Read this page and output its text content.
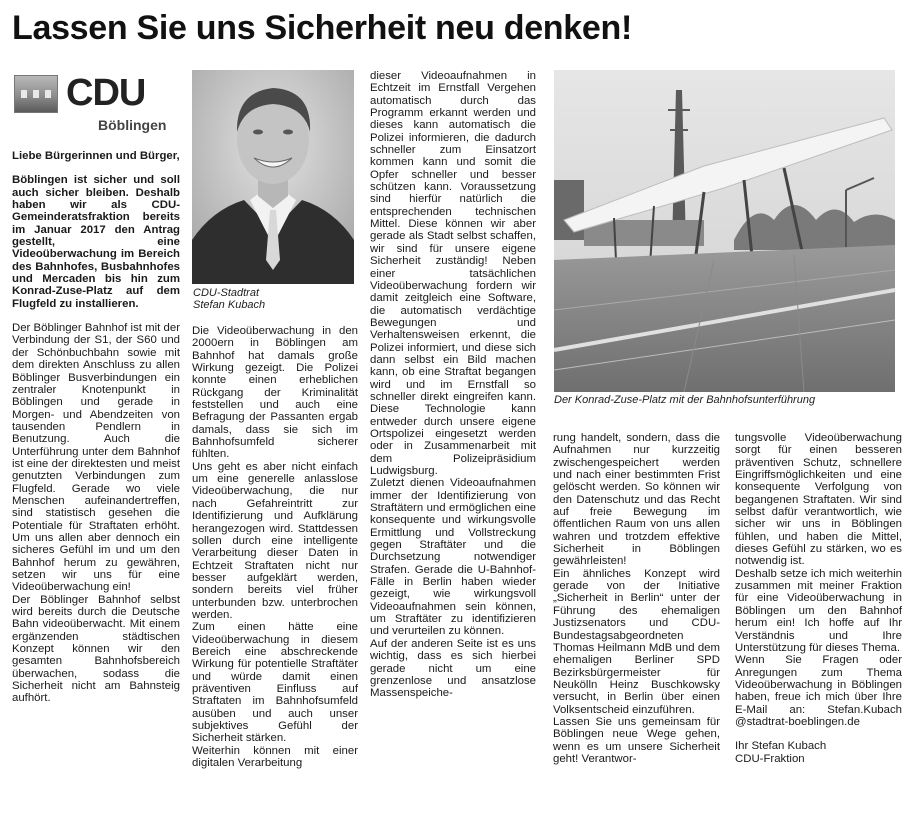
Lassen Sie uns Sicherheit neu denken!
CDU
Böblingen

Liebe Bürgerinnen und Bürger,

Böblingen ist sicher und soll auch sicher bleiben. Deshalb haben wir als CDU-Gemeinderatsfraktion bereits im Januar 2017 den Antrag gestellt, eine Videoüberwachung im Bereich des Bahnhofes, Busbahnhofes und Mercaden bis hin zum Konrad-Zuse-Platz auf dem Flugfeld zu installieren.

Der Böblinger Bahnhof ist mit der Verbindung der S1, der S60 und der Schönbuchbahn sowie mit dem direkten Anschluss zu allen Böblinger Busverbindungen ein zentraler Knotenpunkt in Böblingen und gerade in Morgen- und Abendzeiten von tausenden Pendlern in Benutzung. Auch die Unterführung unter dem Bahnhof ist eine der direktesten und meist genutzten Verbindungen zum Flugfeld. Gerade wo viele Menschen aufeinandertreffen, sind statistisch gesehen die Potentiale für Straftaten erhöht. Um uns allen aber dennoch ein sicheres Gefühl im und um den Bahnhof herum zu gewähren, setzen wir uns für eine Videoüberwachung ein!

Der Böblinger Bahnhof selbst wird bereits durch die Deutsche Bahn videoüberwacht. Mit einem ergänzenden städtischen Konzept können wir den gesamten Bahnhofsbereich überwachen, sodass die Sicherheit nicht am Bahnsteig aufhört.

CDU-Stadtrat
Stefan Kubach

Die Videoüberwachung in den 2000ern in Böblingen am Bahnhof hat damals große Wirkung gezeigt. Die Polizei konnte einen erheblichen Rückgang der Kriminalität feststellen und auch eine Befragung der Passanten ergab damals, dass sie sich im Bahnhofsumfeld sicherer fühlten.

Uns geht es aber nicht einfach um eine generelle anlasslose Videoüberwachung, die nur nach Gefahreintritt zur Identifizierung und Aufklärung herangezogen wird. Stattdessen sollen durch eine intelligente Verarbeitung dieser Daten in Echtzeit Straftaten nicht nur besser aufgeklärt werden, sondern bereits viel früher unterbunden bzw. unterbrochen werden.

Zum einen hätte eine Videoüberwachung in diesem Bereich eine abschreckende Wirkung für potentielle Straftäter und würde damit einen präventiven Einfluss auf Straftaten im Bahnhofsumfeld ausüben und auch unser subjektives Gefühl der Sicherheit stärken.

Weiterhin können mit einer digitalen Verarbeitung

dieser Videoaufnahmen in Echtzeit im Ernstfall Vergehen automatisch durch das Programm erkannt werden und dieses kann automatisch die Polizei informieren, die dadurch schneller zum Einsatzort kommen kann und somit die Opfer schneller und besser schützen kann. Voraussetzung sind hierfür natürlich die entsprechenden technischen Mittel. Diese können wir aber gerade als Stadt selbst schaffen, wir sind für unsere eigene Sicherheit zuständig! Neben einer tatsächlichen Videoüberwachung fordern wir damit zeitgleich eine Software, die automatisch verdächtige Bewegungen und Verhaltensweisen erkennt, die Polizei informiert, und diese sich dann selbst ein Bild machen kann, ob eine Straftat begangen wird und im Ernstfall so schneller direkt eingreifen kann. Diese Technologie kann entweder durch unsere eigene Ortspolizei eingesetzt werden oder in Zusammenarbeit mit dem Polizeipräsidium Ludwigsburg.

Zuletzt dienen Videoaufnahmen immer der Identifizierung von Straftätern und ermöglichen eine konsequente und wirkungsvolle Ermittlung und Vollstreckung gegen Straftäter und die Durchsetzung notwendiger Strafen. Gerade die U-Bahnhof-Fälle in Berlin haben wieder gezeigt, wie wirkungsvoll Videoaufnahmen sein können, um Straftäter zu identifizieren und verurteilen zu können.

Auf der anderen Seite ist es uns wichtig, dass es sich hierbei gerade nicht um eine grenzenlose und ansatzlose Massenspeiche-

Der Konrad-Zuse-Platz mit der Bahnhofsunterführung

rung handelt, sondern, dass die Aufnahmen nur kurzzeitig zwischengespeichert werden und nach einer bestimmten Frist gelöscht werden. So können wir den Datenschutz und das Recht auf freie Bewegung im öffentlichen Raum von uns allen wahren und trotzdem effektive Sicherheit in Böblingen gewährleisten!

Ein ähnliches Konzept wird gerade von der Initiative „Sicherheit in Berlin“ unter der Führung des ehemaligen Justizsenators und CDU-Bundestagsabgeordneten Thomas Heilmann MdB und dem ehemaligen Berliner SPD Bezirksbürgermeister für Neukölln Heinz Buschkowsky versucht, in Berlin über einen Volksentscheid einzuführen.

Lassen Sie uns gemeinsam für Böblingen neue Wege gehen, wenn es um unsere Sicherheit geht! Verantwor-

tungsvolle Videoüberwachung sorgt für einen besseren präventiven Schutz, schnellere Eingriffsmöglichkeiten und eine konsequente Verfolgung von begangenen Straftaten. Wir sind selbst dafür verantwortlich, wie sicher wir uns in Böblingen fühlen, und haben die Mittel, dieses Gefühl zu stärken, wo es notwendig ist.

Deshalb setze ich mich weiterhin zusammen mit meiner Fraktion für eine Videoüberwachung in Böblingen um den Bahnhof herum ein! Ich hoffe auf Ihr Verständnis und Ihre Unterstützung für dieses Thema.

Wenn Sie Fragen oder Anregungen zum Thema Videoüberwachung in Böblingen haben, freue ich mich über Ihre E-Mail an: Stefan.Kubach @stadtrat-boeblingen.de

Ihr Stefan Kubach

CDU-Fraktion
